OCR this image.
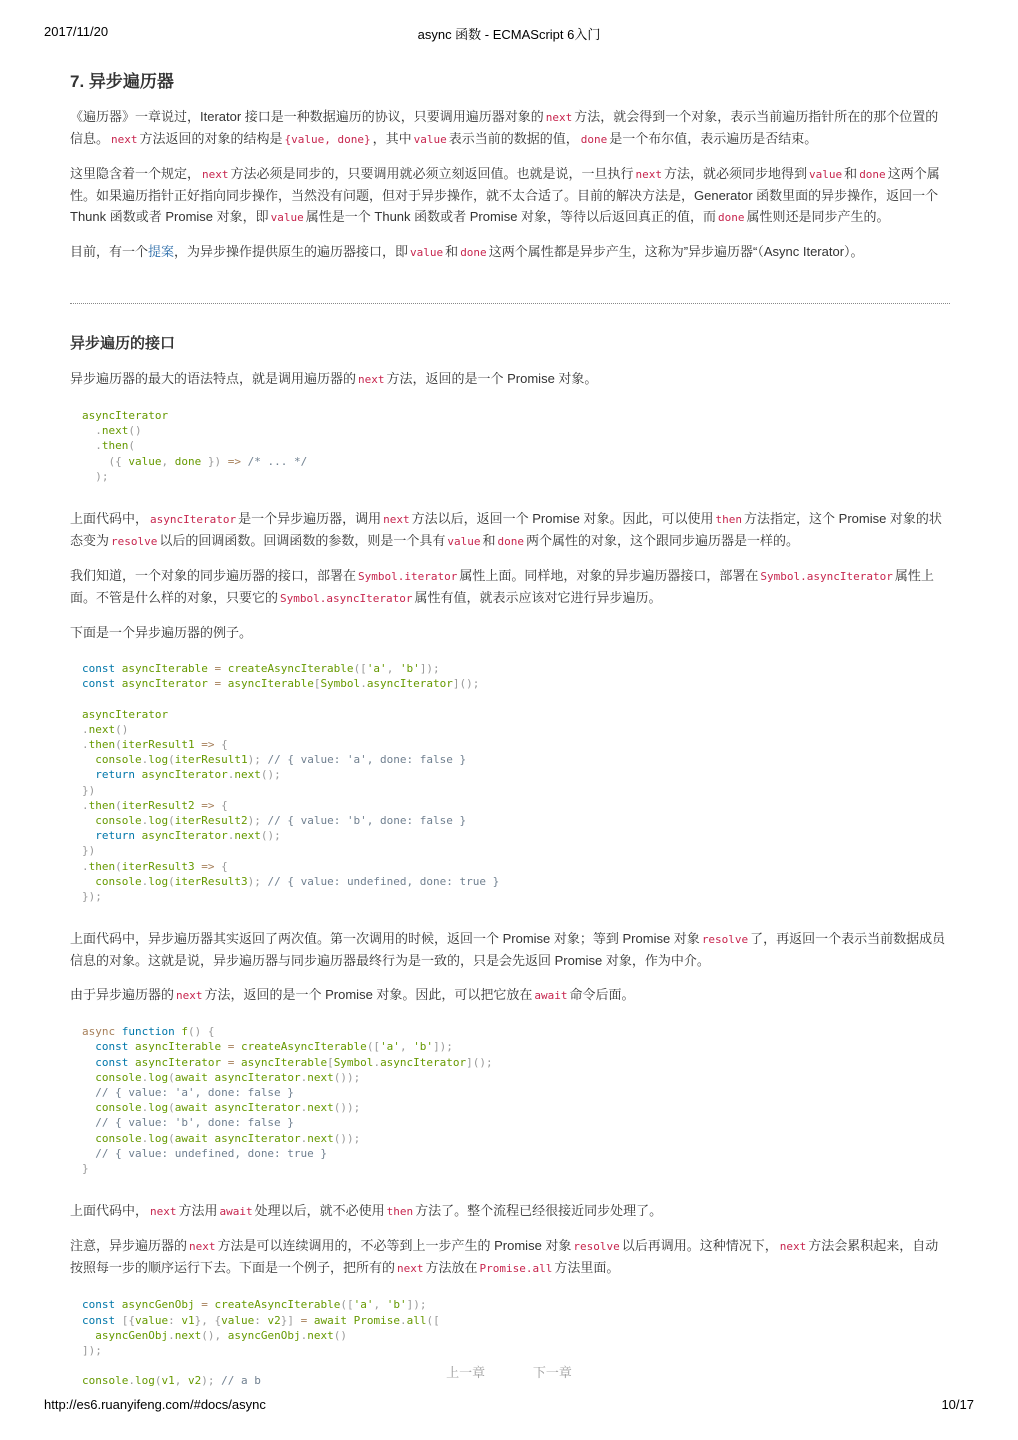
2017/11/20	async 函数 - ECMAScript 6入门
7. 异步遍历器

《遍历器》一章说过，Iterator 接口是一种数据遍历的协议，只要调用遍历器对象的 next 方法，就会得到一个对象，表示当前遍历指针所在的那个位置的信息。 next 方法返回的对象的结构是 {value, done} ，其中 value 表示当前的数据的值， done 是一个布尔值，表示遍历是否结束。

这里隐含着一个规定， next 方法必须是同步的，只要调用就必须立刻返回值。也就是说，一旦执行 next 方法，就必须同步地得到 value 和 done 这两个属性。如果遍历指针正好指向同步操作，当然没有问题，但对于异步操作，就不太合适了。目前的解决方法是，Generator 函数里面的异步操作，返回一个 Thunk 函数或者 Promise 对象，即 value 属性是一个 Thunk 函数或者 Promise 对象，等待以后返回真正的值，而 done 属性则还是同步产生的。

目前，有一个提案，为异步操作提供原生的遍历器接口，即 value 和 done 这两个属性都是异步产生，这称为”异步遍历器“（Async Iterator）。

异步遍历的接口

异步遍历器的最大的语法特点，就是调用遍历器的 next 方法，返回的是一个 Promise 对象。

asyncIterator
.next()
.then(
({ value, done }) => /* ... */
);

上面代码中， asyncIterator 是一个异步遍历器，调用 next 方法以后，返回一个 Promise 对象。因此，可以使用 then 方法指定，这个 Promise 对象的状态变为 resolve 以后的回调函数。回调函数的参数，则是一个具有 value 和 done 两个属性的对象，这个跟同步遍历器是一样的。

我们知道，一个对象的同步遍历器的接口，部署在 Symbol.iterator 属性上面。同样地，对象的异步遍历器接口，部署在 Symbol.asyncIterator 属性上面。不管是什么样的对象，只要它的 Symbol.asyncIterator 属性有值，就表示应该对它进行异步遍历。

下面是一个异步遍历器的例子。

const asyncIterable = createAsyncIterable(['a', 'b']);
const asyncIterator = asyncIterable[Symbol.asyncIterator]();

asyncIterator
.next()
.then(iterResult1 => {
console.log(iterResult1); // { value: 'a', done: false }
return asyncIterator.next();
})
.then(iterResult2 => {
console.log(iterResult2); // { value: 'b', done: false }
return asyncIterator.next();
})
.then(iterResult3 => {
console.log(iterResult3); // { value: undefined, done: true }
});

上面代码中，异步遍历器其实返回了两次值。第一次调用的时候，返回一个 Promise 对象；等到 Promise 对象 resolve 了，再返回一个表示当前数据成员信息的对象。这就是说，异步遍历器与同步遍历器最终行为是一致的，只是会先返回 Promise 对象，作为中介。

由于异步遍历器的 next 方法，返回的是一个 Promise 对象。因此，可以把它放在 await 命令后面。

async function f() {
const asyncIterable = createAsyncIterable(['a', 'b']);
const asyncIterator = asyncIterable[Symbol.asyncIterator]();
console.log(await asyncIterator.next());
// { value: 'a', done: false }
console.log(await asyncIterator.next());
// { value: 'b', done: false }
console.log(await asyncIterator.next());
// { value: undefined, done: true }
}

上面代码中， next 方法用 await 处理以后，就不必使用 then 方法了。整个流程已经很接近同步处理了。

注意，异步遍历器的 next 方法是可以连续调用的，不必等到上一步产生的 Promise 对象 resolve 以后再调用。这种情况下， next 方法会累积起来，自动按照每一步的顺序运行下去。下面是一个例子，把所有的 next 方法放在 Promise.all 方法里面。

const asyncGenObj = createAsyncIterable(['a', 'b']);
const [{value: v1}, {value: v2}] = await Promise.all([
asyncGenObj.next(), asyncGenObj.next()
]);

console.log(v1, v2); // a b
上一章	下一章
http://es6.ruanyifeng.com/#docs/async	10/17
